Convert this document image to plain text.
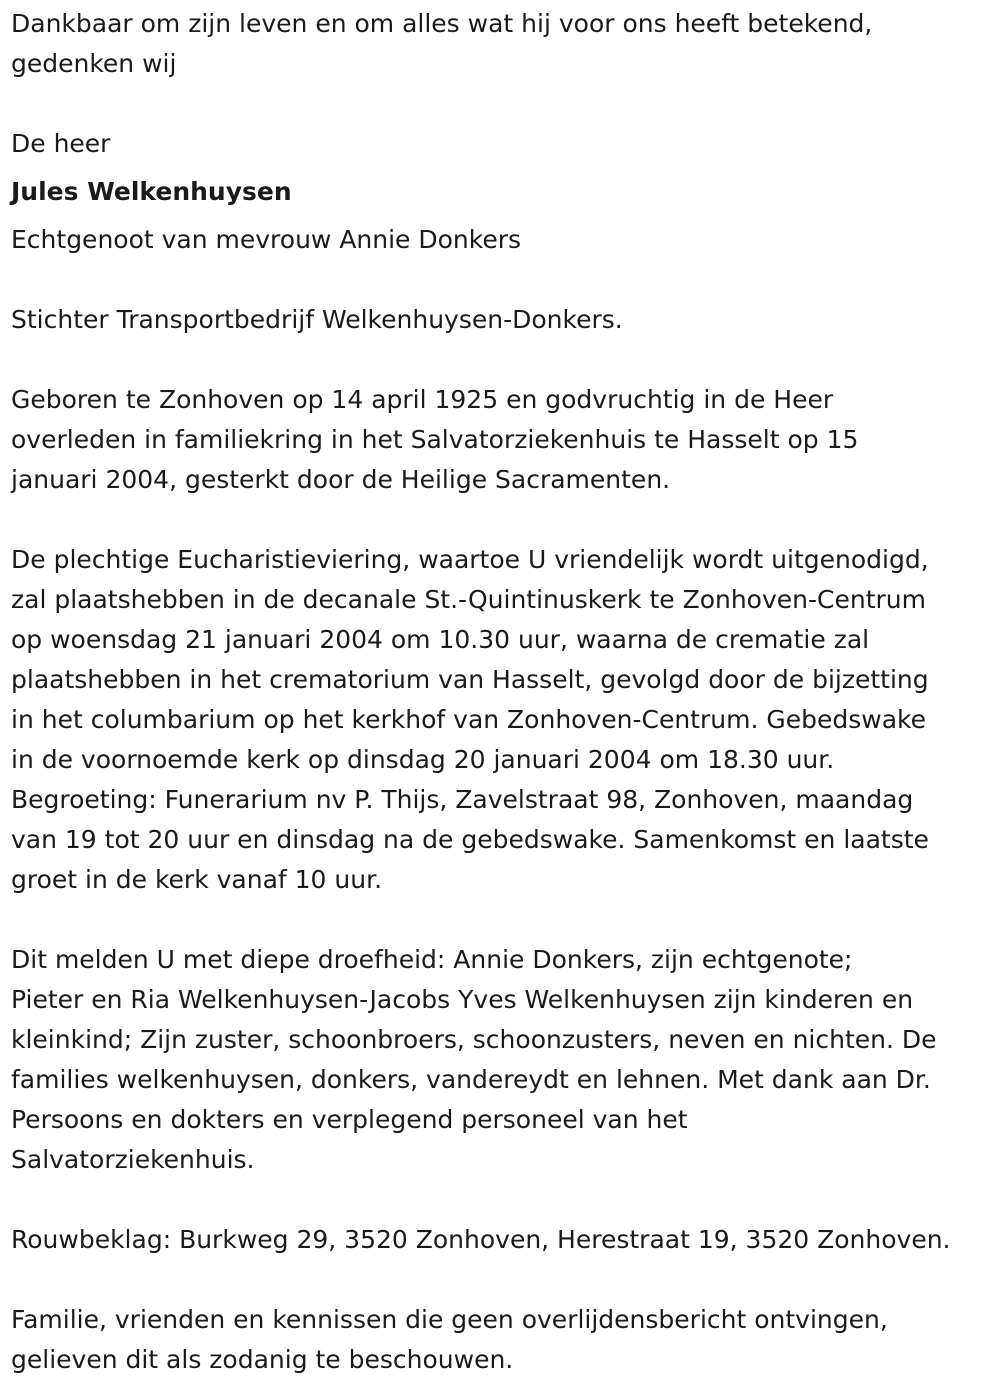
Dankbaar om zijn leven en om alles wat hij voor ons heeft betekend,
gedenken wij
De heer
Jules Welkenhuysen
Echtgenoot van mevrouw Annie Donkers
Stichter Transportbedrijf Welkenhuysen-Donkers.
Geboren te Zonhoven op 14 april 1925 en godvruchtig in de Heer
overleden in familiekring in het Salvatorziekenhuis te Hasselt op 15
januari 2004, gesterkt door de Heilige Sacramenten.
De plechtige Eucharistieviering, waartoe U vriendelijk wordt uitgenodigd,
zal plaatshebben in de decanale St.-Quintinuskerk te Zonhoven-Centrum
op woensdag 21 januari 2004 om 10.30 uur, waarna de crematie zal
plaatshebben in het crematorium van Hasselt, gevolgd door de bijzetting
in het columbarium op het kerkhof van Zonhoven-Centrum. Gebedswake
in de voornoemde kerk op dinsdag 20 januari 2004 om 18.30 uur.
Begroeting: Funerarium nv P. Thijs, Zavelstraat 98, Zonhoven, maandag
van 19 tot 20 uur en dinsdag na de gebedswake. Samenkomst en laatste
groet in de kerk vanaf 10 uur.
Dit melden U met diepe droefheid: Annie Donkers, zijn echtgenote;
Pieter en Ria Welkenhuysen-Jacobs Yves Welkenhuysen zijn kinderen en
kleinkind; Zijn zuster, schoonbroers, schoonzusters, neven en nichten. De
families welkenhuysen, donkers, vandereydt en lehnen. Met dank aan Dr.
Persoons en dokters en verplegend personeel van het
Salvatorziekenhuis.
Rouwbeklag: Burkweg 29, 3520 Zonhoven, Herestraat 19, 3520 Zonhoven.
Familie, vrienden en kennissen die geen overlijdensbericht ontvingen,
gelieven dit als zodanig te beschouwen.
